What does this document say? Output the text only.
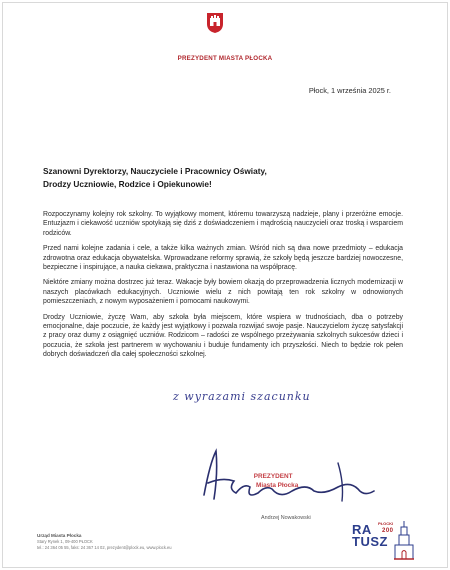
PREZYDENT MIASTA PŁOCKA
Płock, 1 września 2025 r.
Szanowni Dyrektorzy, Nauczyciele i Pracownicy Oświaty,
Drodzy Uczniowie, Rodzice i Opiekunowie!

Rozpoczynamy kolejny rok szkolny. To wyjątkowy moment, któremu towarzyszą nadzieje, plany i przeróżne emocje. Entuzjazm i ciekawość uczniów spotykają się dziś z doświadczeniem i mądrością nauczycieli oraz troską i wsparciem rodziców.

Przed nami kolejne zadania i cele, a także kilka ważnych zmian. Wśród nich są dwa nowe przedmioty – edukacja zdrowotna oraz edukacja obywatelska. Wprowadzane reformy sprawią, że szkoły będą jeszcze bardziej nowoczesne, bezpieczne i inspirujące, a nauka ciekawa, praktyczna i nastawiona na współpracę.

Niektóre zmiany można dostrzec już teraz. Wakacje były bowiem okazją do przeprowadzenia licznych modernizacji w naszych placówkach edukacyjnych. Uczniowie wielu z nich powitają ten rok szkolny w odnowionych pomieszczeniach, z nowym wyposażeniem i pomocami naukowymi.

Drodzy Uczniowie, życzę Wam, aby szkoła była miejscem, które wspiera w trudnościach, dba o potrzeby emocjonalne, daje poczucie, że każdy jest wyjątkowy i pozwala rozwijać swoje pasje. Nauczycielom życzę satysfakcji z pracy oraz dumy z osiągnięć uczniów. Rodzicom – radości ze wspólnego przeżywania szkolnych sukcesów dzieci i poczucia, że szkoła jest partnerem w wychowaniu i budujе fundamenty ich przyszłości. Niech to będzie rok pełen dobrych doświadczeń dla całej społeczności szkolnej.

z wyrazami szacunku
PREZYDENT
Miasta Płocka
Andrzej Nowakowski
Urząd Miasta Płocka
Stary Rynek 1, 09-400 PŁOCK
tel.: 24 364 05 55, faks: 24 367 14 02, prezydent@plock.eu, www.plock.eu
PŁOCKI
200
RA
TUSZ
